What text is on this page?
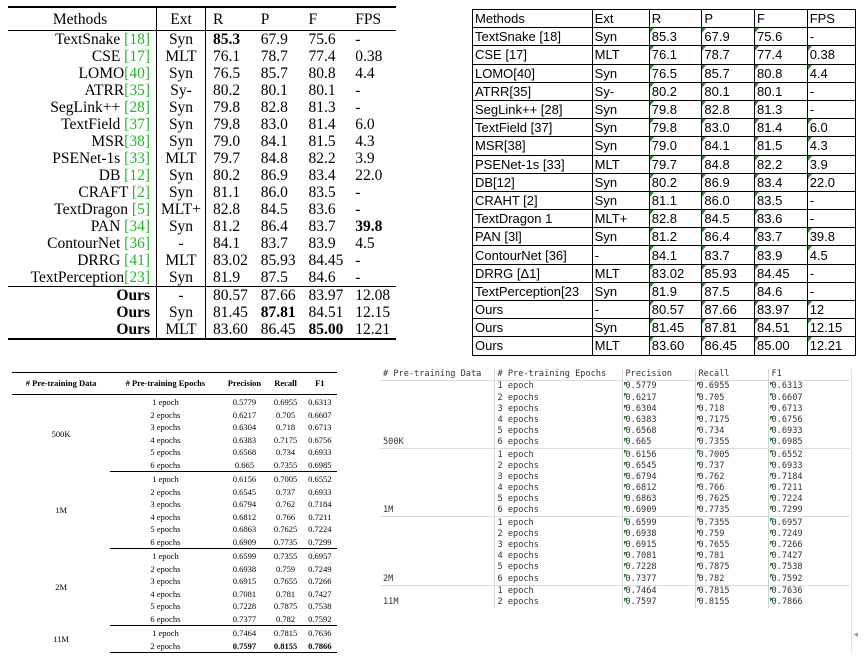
Methods	Ext	R	P	F	FPS
TextSnake [18]	Syn	85.3	67.9	75.6	-
CSE [17]	MLT	76.1	78.7	77.4	0.38
LOMO[40]	Syn	76.5	85.7	80.8	4.4
ATRR[35]	Sy-	80.2	80.1	80.1	-
SegLink++ [28]	Syn	79.8	82.8	81.3	-
TextField [37]	Syn	79.8	83.0	81.4	6.0
MSR[38]	Syn	79.0	84.1	81.5	4.3
PSENet-1s [33]	MLT	79.7	84.8	82.2	3.9
DB [12]	Syn	80.2	86.9	83.4	22.0
CRAFT [2]	Syn	81.1	86.0	83.5	-
TextDragon [5]	MLT+	82.8	84.5	83.6	-
PAN [34]	Syn	81.2	86.4	83.7	39.8
ContourNet [36]	-	84.1	83.7	83.9	4.5
DRRG [41]	MLT	83.02	85.93	84.45	-
TextPerception[23]	Syn	81.9	87.5	84.6	-
Ours	-	80.57	87.66	83.97	12.08
Ours	Syn	81.45	87.81	84.51	12.15
Ours	MLT	83.60	86.45	85.00	12.21
Methods	Ext	R	P	F	FPS
TextSnake [18]	Syn	85.3	67.9	75.6	-
CSE [17]	MLT	76.1	78.7	77.4	0.38
LOMO[40]	Syn	76.5	85.7	80.8	4.4
ATRR[35]	Sy-	80.2	80.1	80.1	-
SegLink++ [28]	Syn	79.8	82.8	81.3	-
TextField [37]	Syn	79.8	83.0	81.4	6.0
MSR[38]	Syn	79.0	84.1	81.5	4.3
PSENet-1s [33]	MLT	79.7	84.8	82.2	3.9
DB[12]	Syn	80.2	86.9	83.4	22.0
CRAHT [2]	Syn	81.1	86.0	83.5	-
TextDragon 1	MLT+	82.8	84.5	83.6	-
PAN [3l]	Syn	81.2	86.4	83.7	39.8
ContourNet [36]	-	84.1	83.7	83.9	4.5
DRRG [Δ1]	MLT	83.02	85.93	84.45	-
TextPerception[23	Syn	81.9	87.5	84.6	-
Ours	-	80.57	87.66	83.97	12
Ours	Syn	81.45	87.81	84.51	12.15
Ours	MLT	83.60	86.45	85.00	12.21
# Pre-training Data	# Pre-training Epochs	Precision	Recall	F1
500K	1 epoch	0.5779	0.6955	0.6313
	2 epochs	0.6217	0.705	0.6607
	3 epochs	0.6304	0.718	0.6713
	4 epochs	0.6383	0.7175	0.6756
	5 epochs	0.6568	0.734	0.6933
	6 epochs	0.665	0.7355	0.6985
1M	1 epoch	0.6156	0.7005	0.6552
	2 epochs	0.6545	0.737	0.6933
	3 epochs	0.6794	0.762	0.7184
	4 epochs	0.6812	0.766	0.7211
	5 epochs	0.6863	0.7625	0.7224
	6 epochs	0.6909	0.7735	0.7299
2M	1 epoch	0.6599	0.7355	0.6957
	2 epochs	0.6938	0.759	0.7249
	3 epochs	0.6915	0.7655	0.7266
	4 epochs	0.7081	0.781	0.7427
	5 epochs	0.7228	0.7875	0.7538
	6 epochs	0.7377	0.782	0.7592
11M	1 epoch	0.7464	0.7815	0.7636
	2 epochs	0.7597	0.8155	0.7866
# Pre-training Data	# Pre-training Epochs	Precision	Recall	F1
	1 epoch	0.5779	0.6955	0.6313
	2 epochs	0.6217	0.705	0.6607
	3 epochs	0.6304	0.718	0.6713
	4 epochs	0.6383	0.7175	0.6756
	5 epochs	0.6568	0.734	0.6933
500K	6 epochs	0.665	0.7355	0.6985
	1 epoch	0.6156	0.7005	0.6552
	2 epochs	0.6545	0.737	0.6933
	3 epochs	0.6794	0.762	0.7184
	4 epochs	0.6812	0.766	0.7211
	5 epochs	0.6863	0.7625	0.7224
1M	6 epochs	0.6909	0.7735	0.7299
	1 epoch	0.6599	0.7355	0.6957
	2 epochs	0.6938	0.759	0.7249
	3 epochs	0.6915	0.7655	0.7266
	4 epochs	0.7081	0.781	0.7427
	5 epochs	0.7228	0.7875	0.7538
2M	6 epochs	0.7377	0.782	0.7592
	1 epoch	0.7464	0.7815	0.7636
11M	2 epochs	0.7597	0.8155	0.7866
◂
